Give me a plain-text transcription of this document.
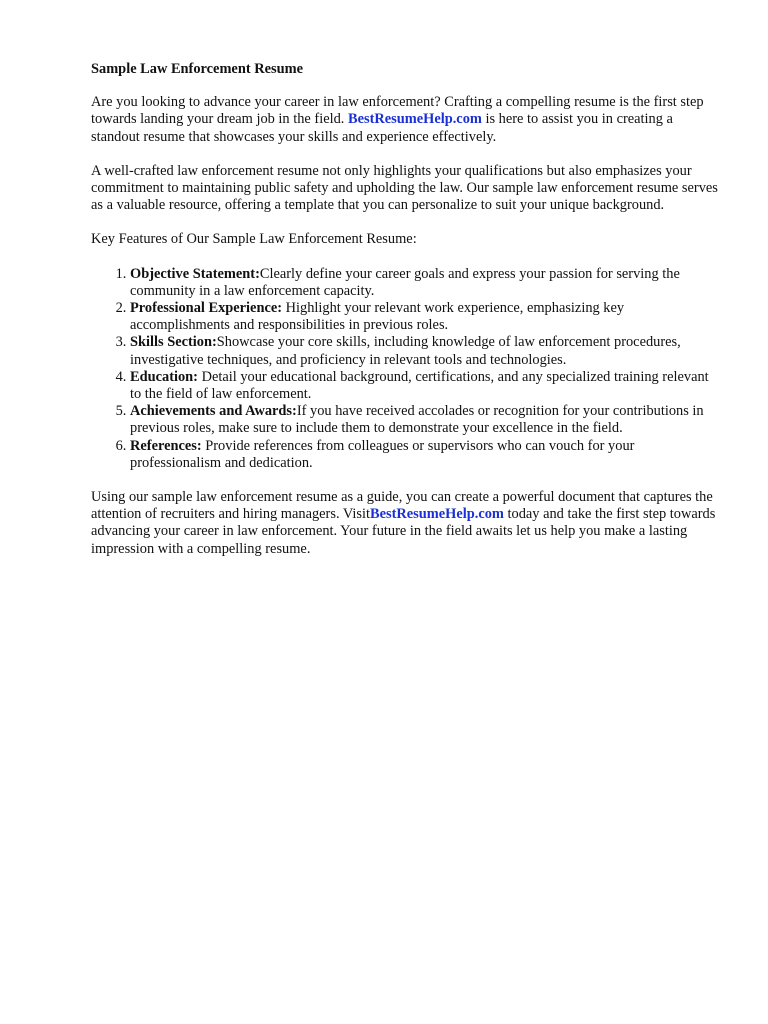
Sample Law Enforcement Resume

Are you looking to advance your career in law enforcement? Crafting a compelling resume is the first step towards landing your dream job in the field. BestResumeHelp.com is here to assist you in creating a standout resume that showcases your skills and experience effectively.

A well-crafted law enforcement resume not only highlights your qualifications but also emphasizes your commitment to maintaining public safety and upholding the law. Our sample law enforcement resume serves as a valuable resource, offering a template that you can personalize to suit your unique background.

Key Features of Our Sample Law Enforcement Resume:

1. Objective Statement:Clearly define your career goals and express your passion for serving the community in a law enforcement capacity.
2. Professional Experience: Highlight your relevant work experience, emphasizing key accomplishments and responsibilities in previous roles.
3. Skills Section:Showcase your core skills, including knowledge of law enforcement procedures, investigative techniques, and proficiency in relevant tools and technologies.
4. Education: Detail your educational background, certifications, and any specialized training relevant to the field of law enforcement.
5. Achievements and Awards:If you have received accolades or recognition for your contributions in previous roles, make sure to include them to demonstrate your excellence in the field.
6. References: Provide references from colleagues or supervisors who can vouch for your professionalism and dedication.

Using our sample law enforcement resume as a guide, you can create a powerful document that captures the attention of recruiters and hiring managers. VisitBestResumeHelp.com today and take the first step towards advancing your career in law enforcement. Your future in the field awaits let us help you make a lasting impression with a compelling resume.
